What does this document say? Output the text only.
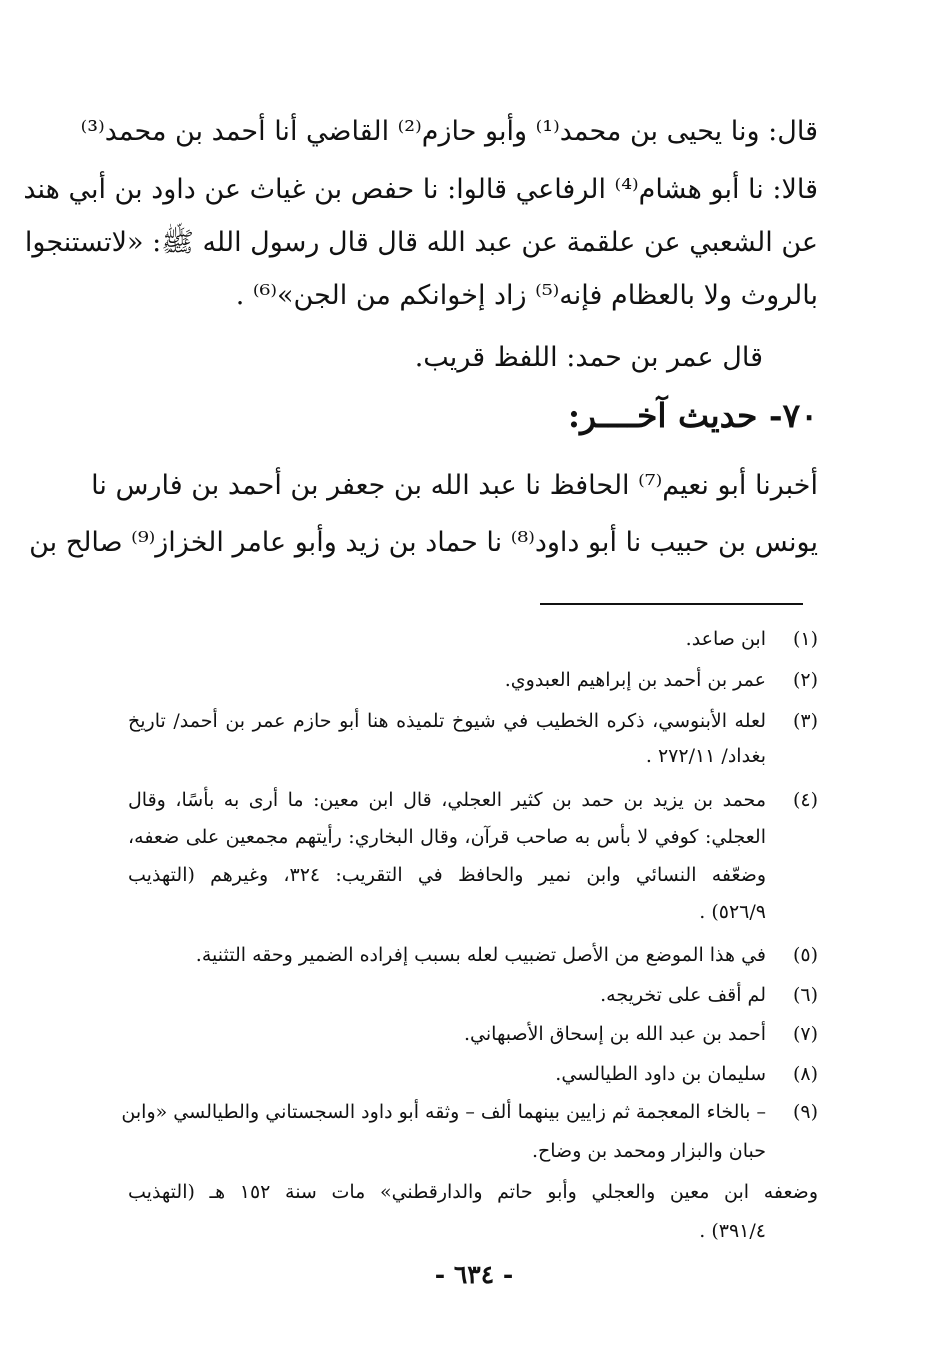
قال: ونا يحيى بن محمد⁽¹⁾ وأبو حازم⁽²⁾ القاضي أنا أحمد بن محمد⁽³⁾
قالا: نا أبو هشام⁽⁴⁾ الرفاعي قالوا: نا حفص بن غياث عن داود بن أبي هند
عن الشعبي عن علقمة عن عبد الله قال قال رسول الله ﷺ: «لاتستنجوا
بالروث ولا بالعظام فإنه⁽⁵⁾ زاد إخوانكم من الجن»⁽⁶⁾ .
قال عمر بن حمد: اللفظ قريب.
٧٠- حديث آخــــر:
أخبرنا أبو نعيم⁽⁷⁾ الحافظ نا عبد الله بن جعفر بن أحمد بن فارس نا
يونس بن حبيب نا أبو داود⁽⁸⁾ نا حماد بن زيد وأبو عامر الخزاز⁽⁹⁾ صالح بن
(١)
ابن صاعد.
(٢)
عمر بن أحمد بن إبراهيم العبدوي.
(٣)
لعله الأبنوسي، ذكره الخطيب في شيوخ تلميذه هنا أبو حازم عمر بن أحمد/ تاريخ
بغداد/ ٢٧٢/١١ .
(٤)
محمد بن يزيد بن حمد بن كثير العجلي، قال ابن معين: ما أرى به بأسًا، وقال
العجلي: كوفي لا بأس به صاحب قرآن، وقال البخاري: رأيتهم مجمعين على ضعفه،
وضعّفه النسائي وابن نمير والحافظ في التقريب: ٣٢٤، وغيرهم (التهذيب
٥٢٦/٩) .
(٥)
في هذا الموضع من الأصل تضبيب لعله بسبب إفراده الضمير وحقه التثنية.
(٦)
لم أقف على تخريجه.
(٧)
أحمد بن عبد الله بن إسحاق الأصبهاني.
(٨)
سليمان بن داود الطيالسي.
(٩)
– بالخاء المعجمة ثم زايين بينهما ألف – وثقه أبو داود السجستاني والطيالسي «وابن
حبان والبزار ومحمد بن وضاح.
وضعفه ابن معين والعجلي وأبو حاتم والدارقطني» مات سنة ١٥٢ هـ (التهذيب
٣٩١/٤) .
- ٦٣٤ -
